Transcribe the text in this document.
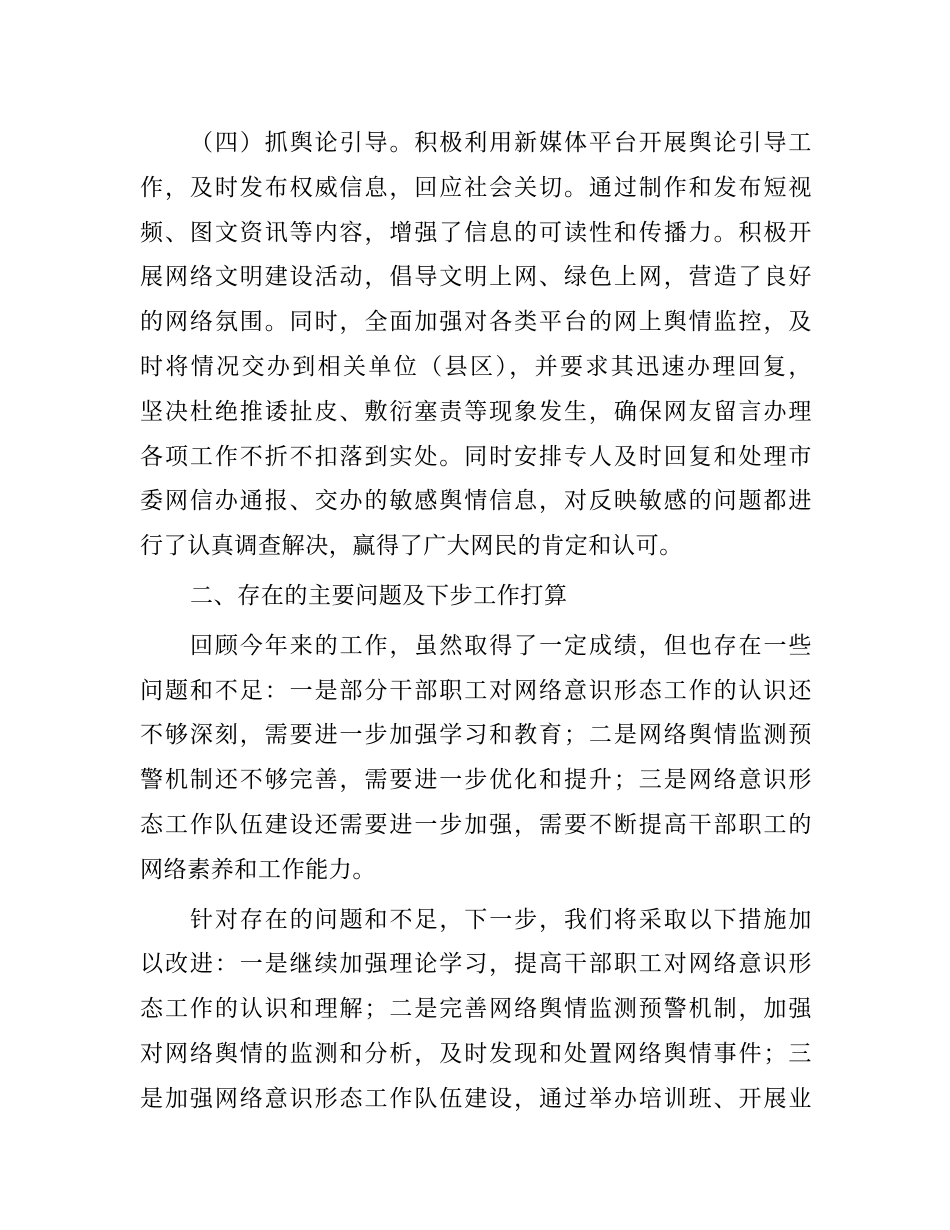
（四）抓舆论引导。积极利用新媒体平台开展舆论引导工
作，及时发布权威信息，回应社会关切。通过制作和发布短视
频、图文资讯等内容，增强了信息的可读性和传播力。积极开
展网络文明建设活动，倡导文明上网、绿色上网，营造了良好
的网络氛围。同时，全面加强对各类平台的网上舆情监控，及
时将情况交办到相关单位（县区），并要求其迅速办理回复，
坚决杜绝推诿扯皮、敷衍塞责等现象发生，确保网友留言办理
各项工作不折不扣落到实处。同时安排专人及时回复和处理市
委网信办通报、交办的敏感舆情信息，对反映敏感的问题都进
行了认真调查解决，赢得了广大网民的肯定和认可。
二、存在的主要问题及下步工作打算
回顾今年来的工作，虽然取得了一定成绩，但也存在一些
问题和不足：一是部分干部职工对网络意识形态工作的认识还
不够深刻，需要进一步加强学习和教育；二是网络舆情监测预
警机制还不够完善，需要进一步优化和提升；三是网络意识形
态工作队伍建设还需要进一步加强，需要不断提高干部职工的
网络素养和工作能力。
针对存在的问题和不足，下一步，我们将采取以下措施加
以改进：一是继续加强理论学习，提高干部职工对网络意识形
态工作的认识和理解；二是完善网络舆情监测预警机制，加强
对网络舆情的监测和分析，及时发现和处置网络舆情事件；三
是加强网络意识形态工作队伍建设，通过举办培训班、开展业
